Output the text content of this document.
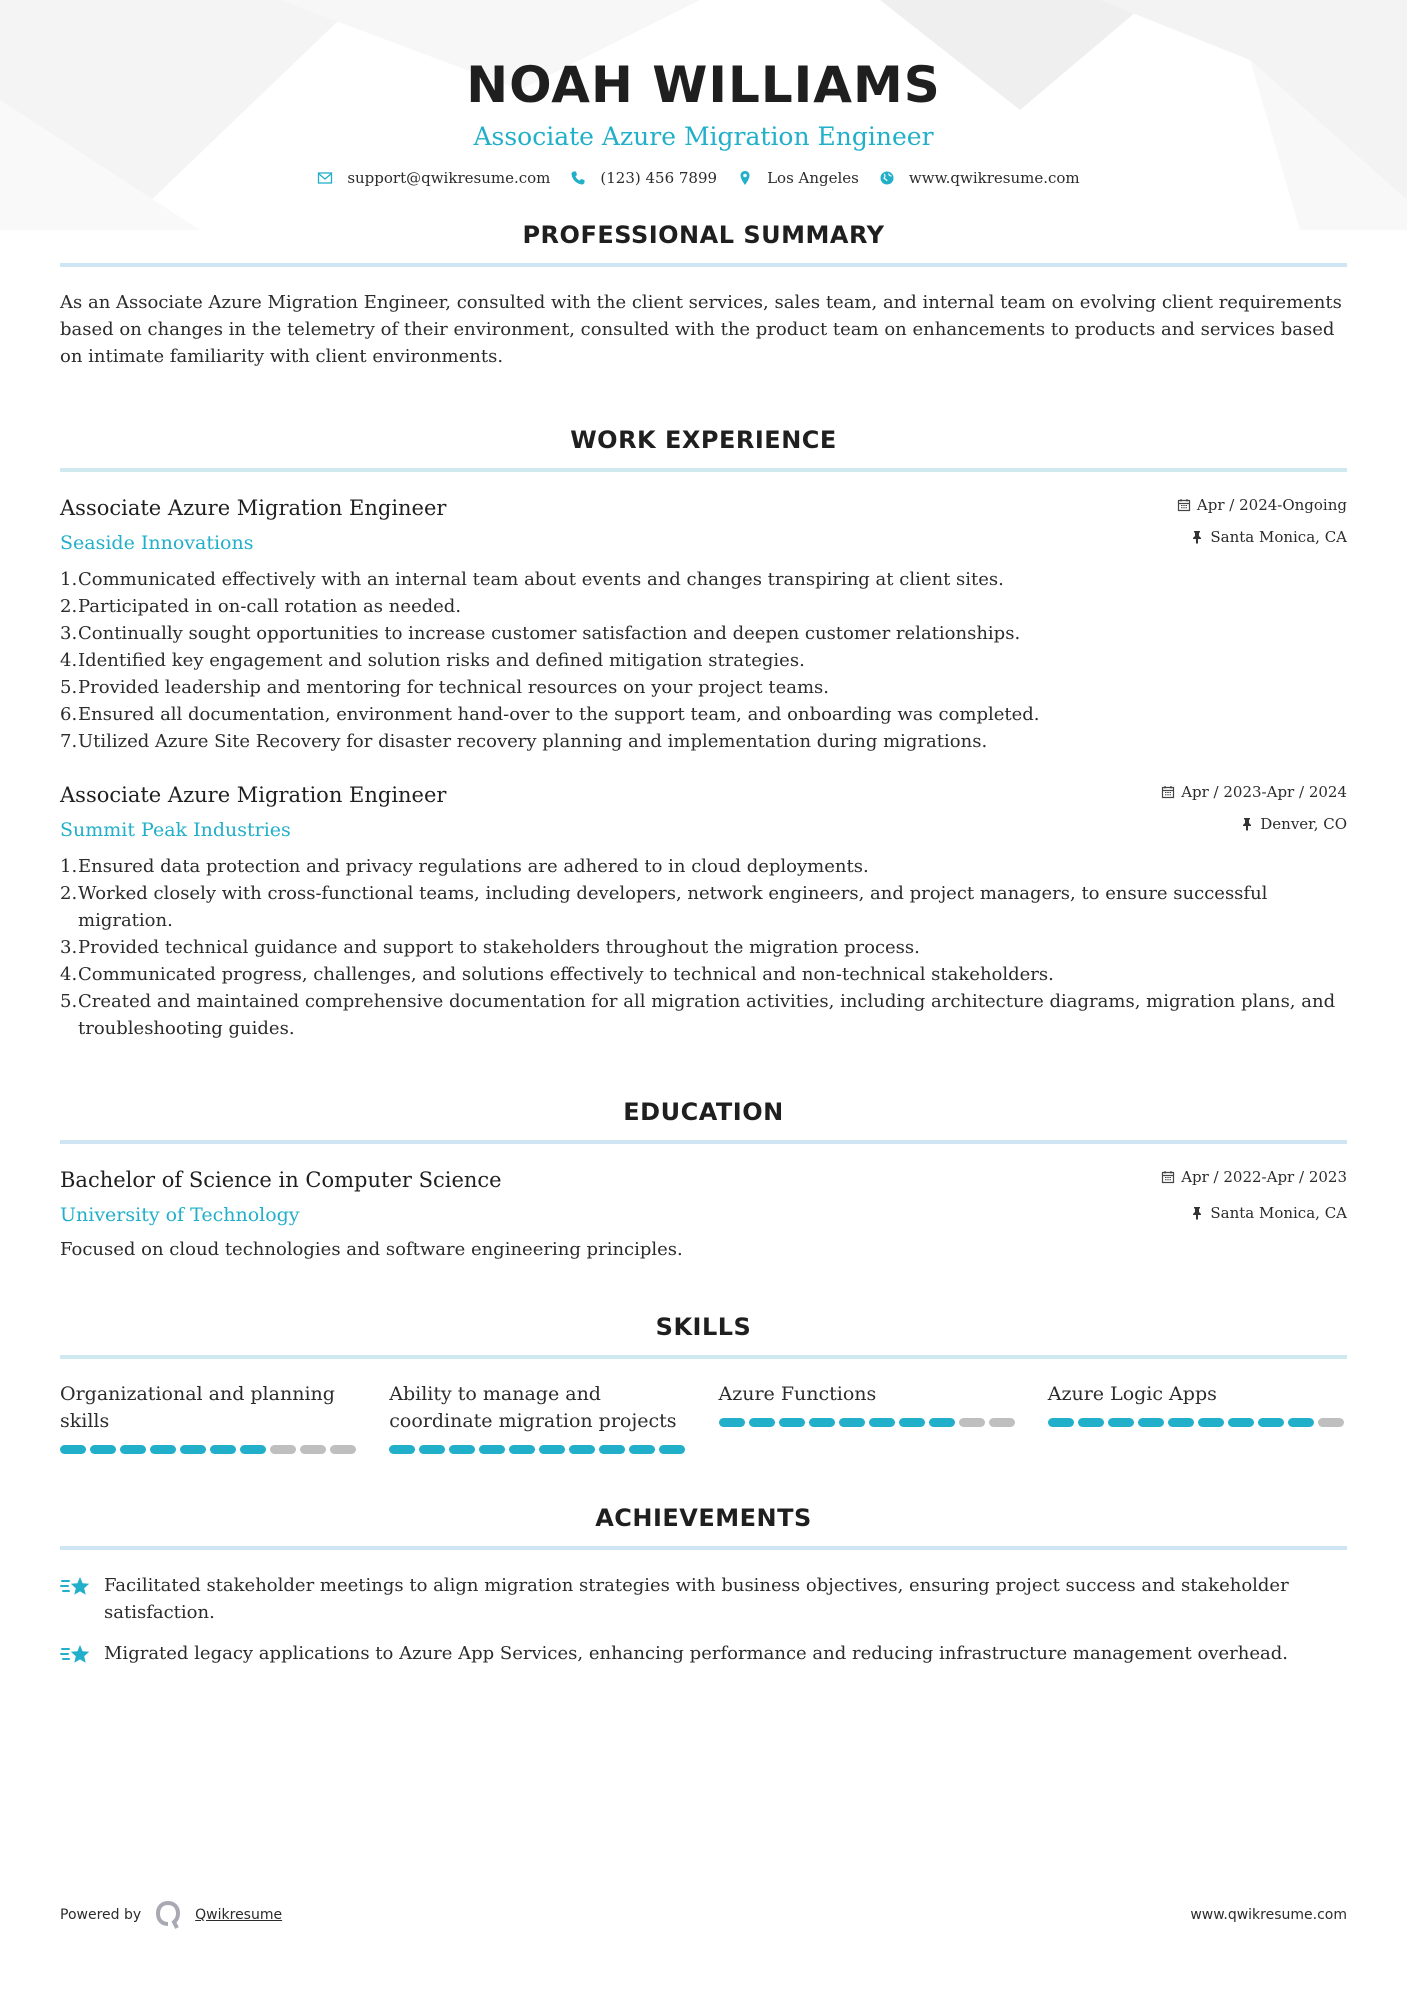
NOAH WILLIAMS
Associate Azure Migration Engineer
support@qwikresume.com	(123) 456 7899	Los Angeles	www.qwikresume.com
PROFESSIONAL SUMMARY

As an Associate Azure Migration Engineer, consulted with the client services, sales team, and internal team on evolving client requirements based on changes in the telemetry of their environment, consulted with the product team on enhancements to products and services based on intimate familiarity with client environments.

WORK EXPERIENCE
Associate Azure Migration Engineer
Seaside Innovations
Apr / 2024-Ongoing
Santa Monica, CA
1. Communicated effectively with an internal team about events and changes transpiring at client sites.
2. Participated in on-call rotation as needed.
3. Continually sought opportunities to increase customer satisfaction and deepen customer relationships.
4. Identified key engagement and solution risks and defined mitigation strategies.
5. Provided leadership and mentoring for technical resources on your project teams.
6. Ensured all documentation, environment hand-over to the support team, and onboarding was completed.
7. Utilized Azure Site Recovery for disaster recovery planning and implementation during migrations.
Associate Azure Migration Engineer
Summit Peak Industries
Apr / 2023-Apr / 2024
Denver, CO
1. Ensured data protection and privacy regulations are adhered to in cloud deployments.
2. Worked closely with cross-functional teams, including developers, network engineers, and project managers, to ensure successful migration.
3. Provided technical guidance and support to stakeholders throughout the migration process.
4. Communicated progress, challenges, and solutions effectively to technical and non-technical stakeholders.
5. Created and maintained comprehensive documentation for all migration activities, including architecture diagrams, migration plans, and troubleshooting guides.
EDUCATION
Bachelor of Science in Computer Science
University of Technology
Apr / 2022-Apr / 2023
Santa Monica, CA

Focused on cloud technologies and software engineering principles.

SKILLS
Organizational and planning skills
Ability to manage and coordinate migration projects
Azure Functions	Azure Logic Apps
ACHIEVEMENTS
Facilitated stakeholder meetings to align migration strategies with business objectives, ensuring project success and stakeholder satisfaction.
Migrated legacy applications to Azure App Services, enhancing performance and reducing infrastructure management overhead.
Powered by	Qwikresume	www.qwikresume.com
